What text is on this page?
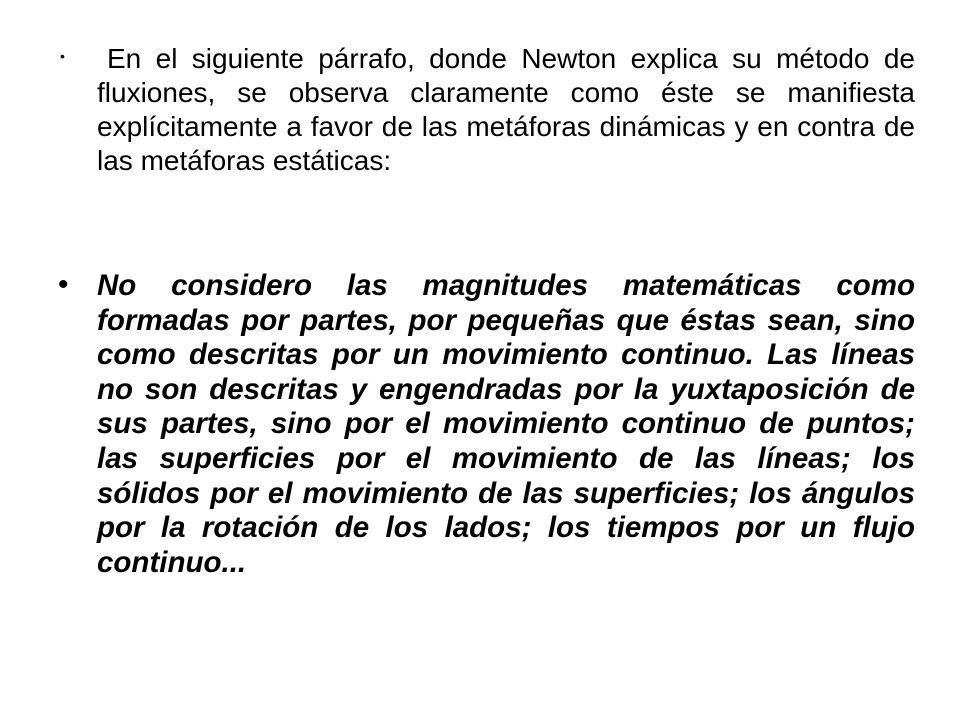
•	En el siguiente párrafo, donde Newton explica su método de fluxiones, se observa claramente como éste se manifiesta explícitamente a favor de las metáforas dinámicas y en contra de las metáforas estáticas:
• No considero las magnitudes matemáticas como formadas por partes, por pequeñas que éstas sean, sino como descritas por un movimiento continuo. Las líneas no son descritas y engendradas por la yuxtaposición de sus partes, sino por el movimiento continuo de puntos; las superficies por el movimiento de las líneas; los sólidos por el movimiento de las superficies; los ángulos por la rotación de los lados; los tiempos por un flujo continuo...
